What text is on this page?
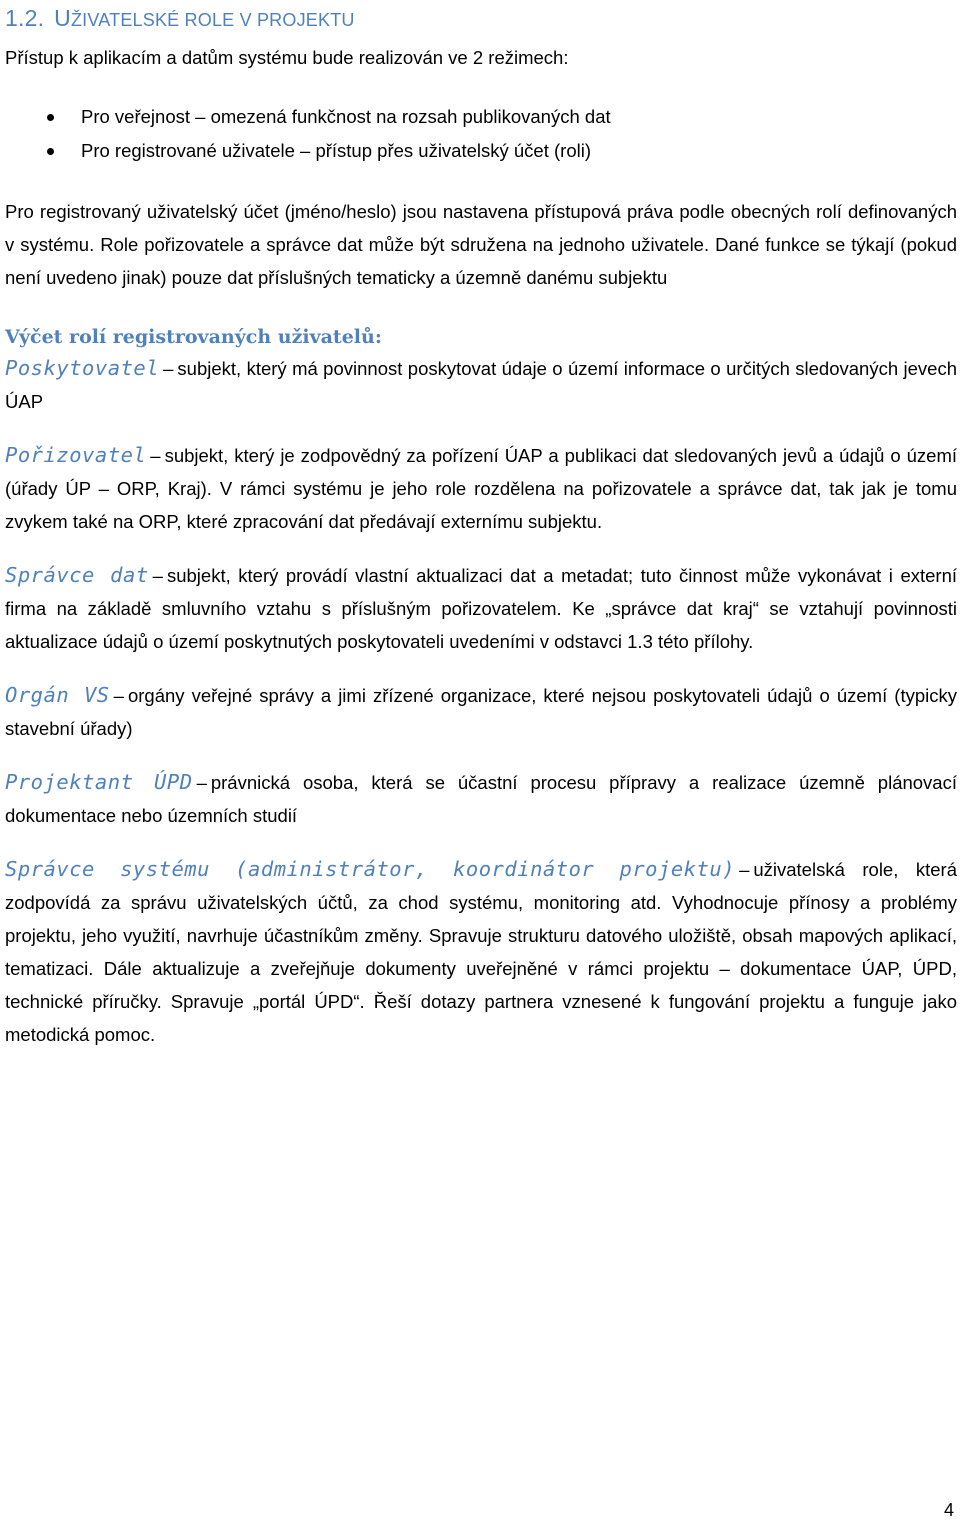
1.2. UŽIVATELSKÉ ROLE V PROJEKTU

Přístup k aplikacím a datům systému bude realizován ve 2 režimech:

Pro veřejnost – omezená funkčnost na rozsah publikovaných dat
Pro registrované uživatele – přístup přes uživatelský účet (roli)

Pro registrovaný uživatelský účet (jméno/heslo) jsou nastavena přístupová práva podle obecných rolí definovaných v systému. Role pořizovatele a správce dat může být sdružena na jednoho uživatele. Dané funkce se týkají (pokud není uvedeno jinak) pouze dat příslušných tematicky a územně danému subjektu

Výčet rolí registrovaných uživatelů:

Poskytovatel – subjekt, který má povinnost poskytovat údaje o území informace o určitých sledovaných jevech ÚAP

Pořizovatel – subjekt, který je zodpovědný za pořízení ÚAP a publikaci dat sledovaných jevů a údajů o území (úřady ÚP – ORP, Kraj). V rámci systému je jeho role rozdělena na pořizovatele a správce dat, tak jak je tomu zvykem také na ORP, které zpracování dat předávají externímu subjektu.

Správce dat – subjekt, který provádí vlastní aktualizaci dat a metadat; tuto činnost může vykonávat i externí firma na základě smluvního vztahu s příslušným pořizovatelem. Ke „správce dat kraj“ se vztahují povinnosti aktualizace údajů o území poskytnutých poskytovateli uvedeními v odstavci 1.3 této přílohy.

Orgán VS – orgány veřejné správy a jimi zřízené organizace, které nejsou poskytovateli údajů o území (typicky stavební úřady)

Projektant ÚPD – právnická osoba, která se účastní procesu přípravy a realizace územně plánovací dokumentace nebo územních studií

Správce systému (administrátor, koordinátor projektu) – uživatelská role, která zodpovídá za správu uživatelských účtů, za chod systému, monitoring atd. Vyhodnocuje přínosy a problémy projektu, jeho využití, navrhuje účastníkům změny. Spravuje strukturu datového uložiště, obsah mapových aplikací, tematizaci. Dále aktualizuje a zveřejňuje dokumenty uveřejněné v rámci projektu – dokumentace ÚAP, ÚPD, technické příručky. Spravuje „portál ÚPD“. Řeší dotazy partnera vznesené k fungování projektu a funguje jako metodická pomoc.

4
